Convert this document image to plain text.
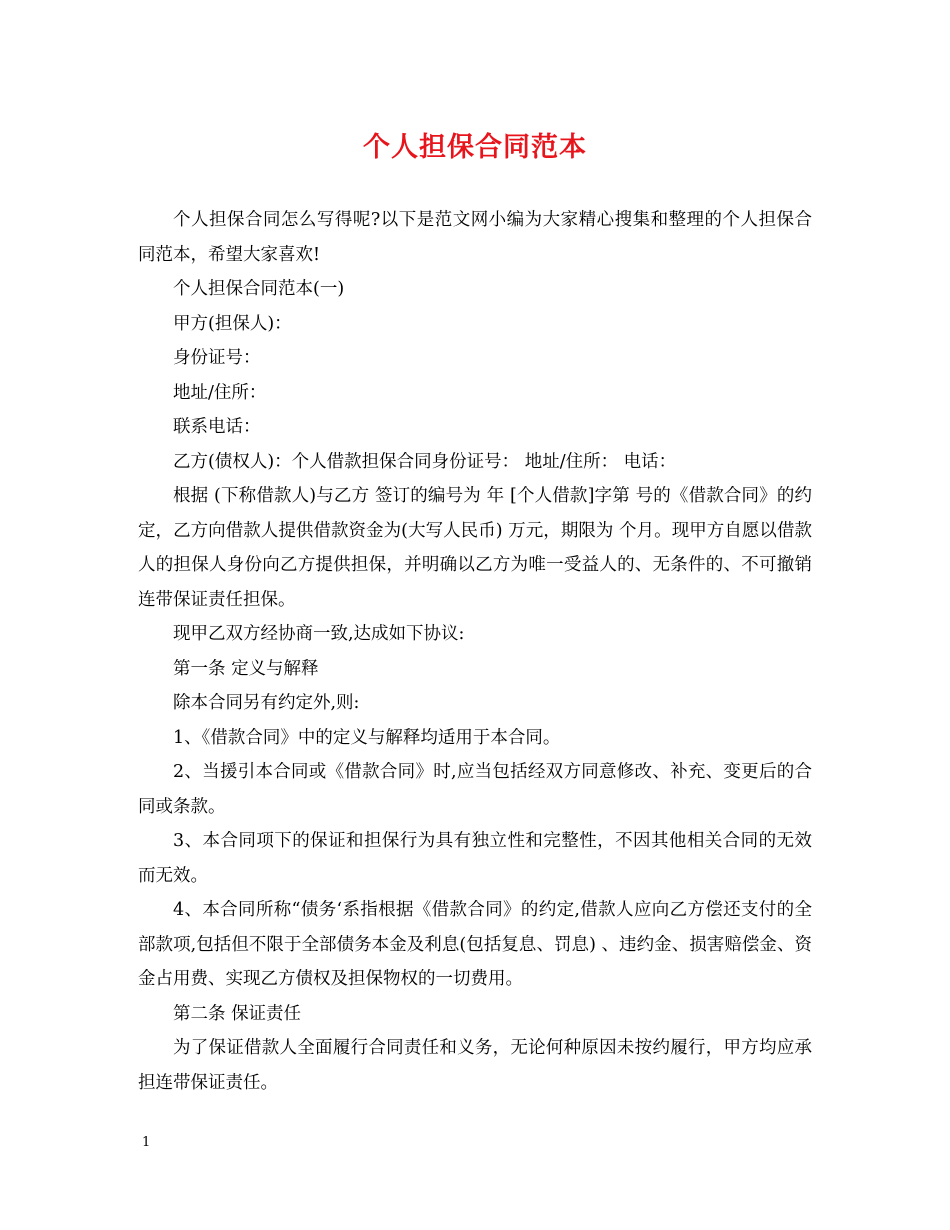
个人担保合同范本

个人担保合同怎么写得呢?以下是范文网小编为大家精心搜集和整理的个人担保合同范本，希望大家喜欢!

个人担保合同范本(一)

甲方(担保人)：

身份证号：

地址/住所：

联系电话：

乙方(债权人)：个人借款担保合同身份证号： 地址/住所： 电话：

根据 (下称借款人)与乙方 签订的编号为 年 [个人借款]字第 号的《借款合同》的约定，乙方向借款人提供借款资金为(大写人民币) 万元，期限为 个月。现甲方自愿以借款人的担保人身份向乙方提供担保，并明确以乙方为唯一受益人的、无条件的、不可撤销连带保证责任担保。

现甲乙双方经协商一致,达成如下协议:

第一条 定义与解释

除本合同另有约定外,则:

1、《借款合同》中的定义与解释均适用于本合同。

2、当援引本合同或《借款合同》时,应当包括经双方同意修改、补充、变更后的合同或条款。

3、本合同项下的保证和担保行为具有独立性和完整性，不因其他相关合同的无效而无效。

4、本合同所称“债务‘系指根据《借款合同》的约定,借款人应向乙方偿还支付的全部款项,包括但不限于全部债务本金及利息(包括复息、罚息) 、违约金、损害赔偿金、资金占用费、实现乙方债权及担保物权的一切费用。

第二条 保证责任

为了保证借款人全面履行合同责任和义务，无论何种原因未按约履行，甲方均应承担连带保证责任。

1
